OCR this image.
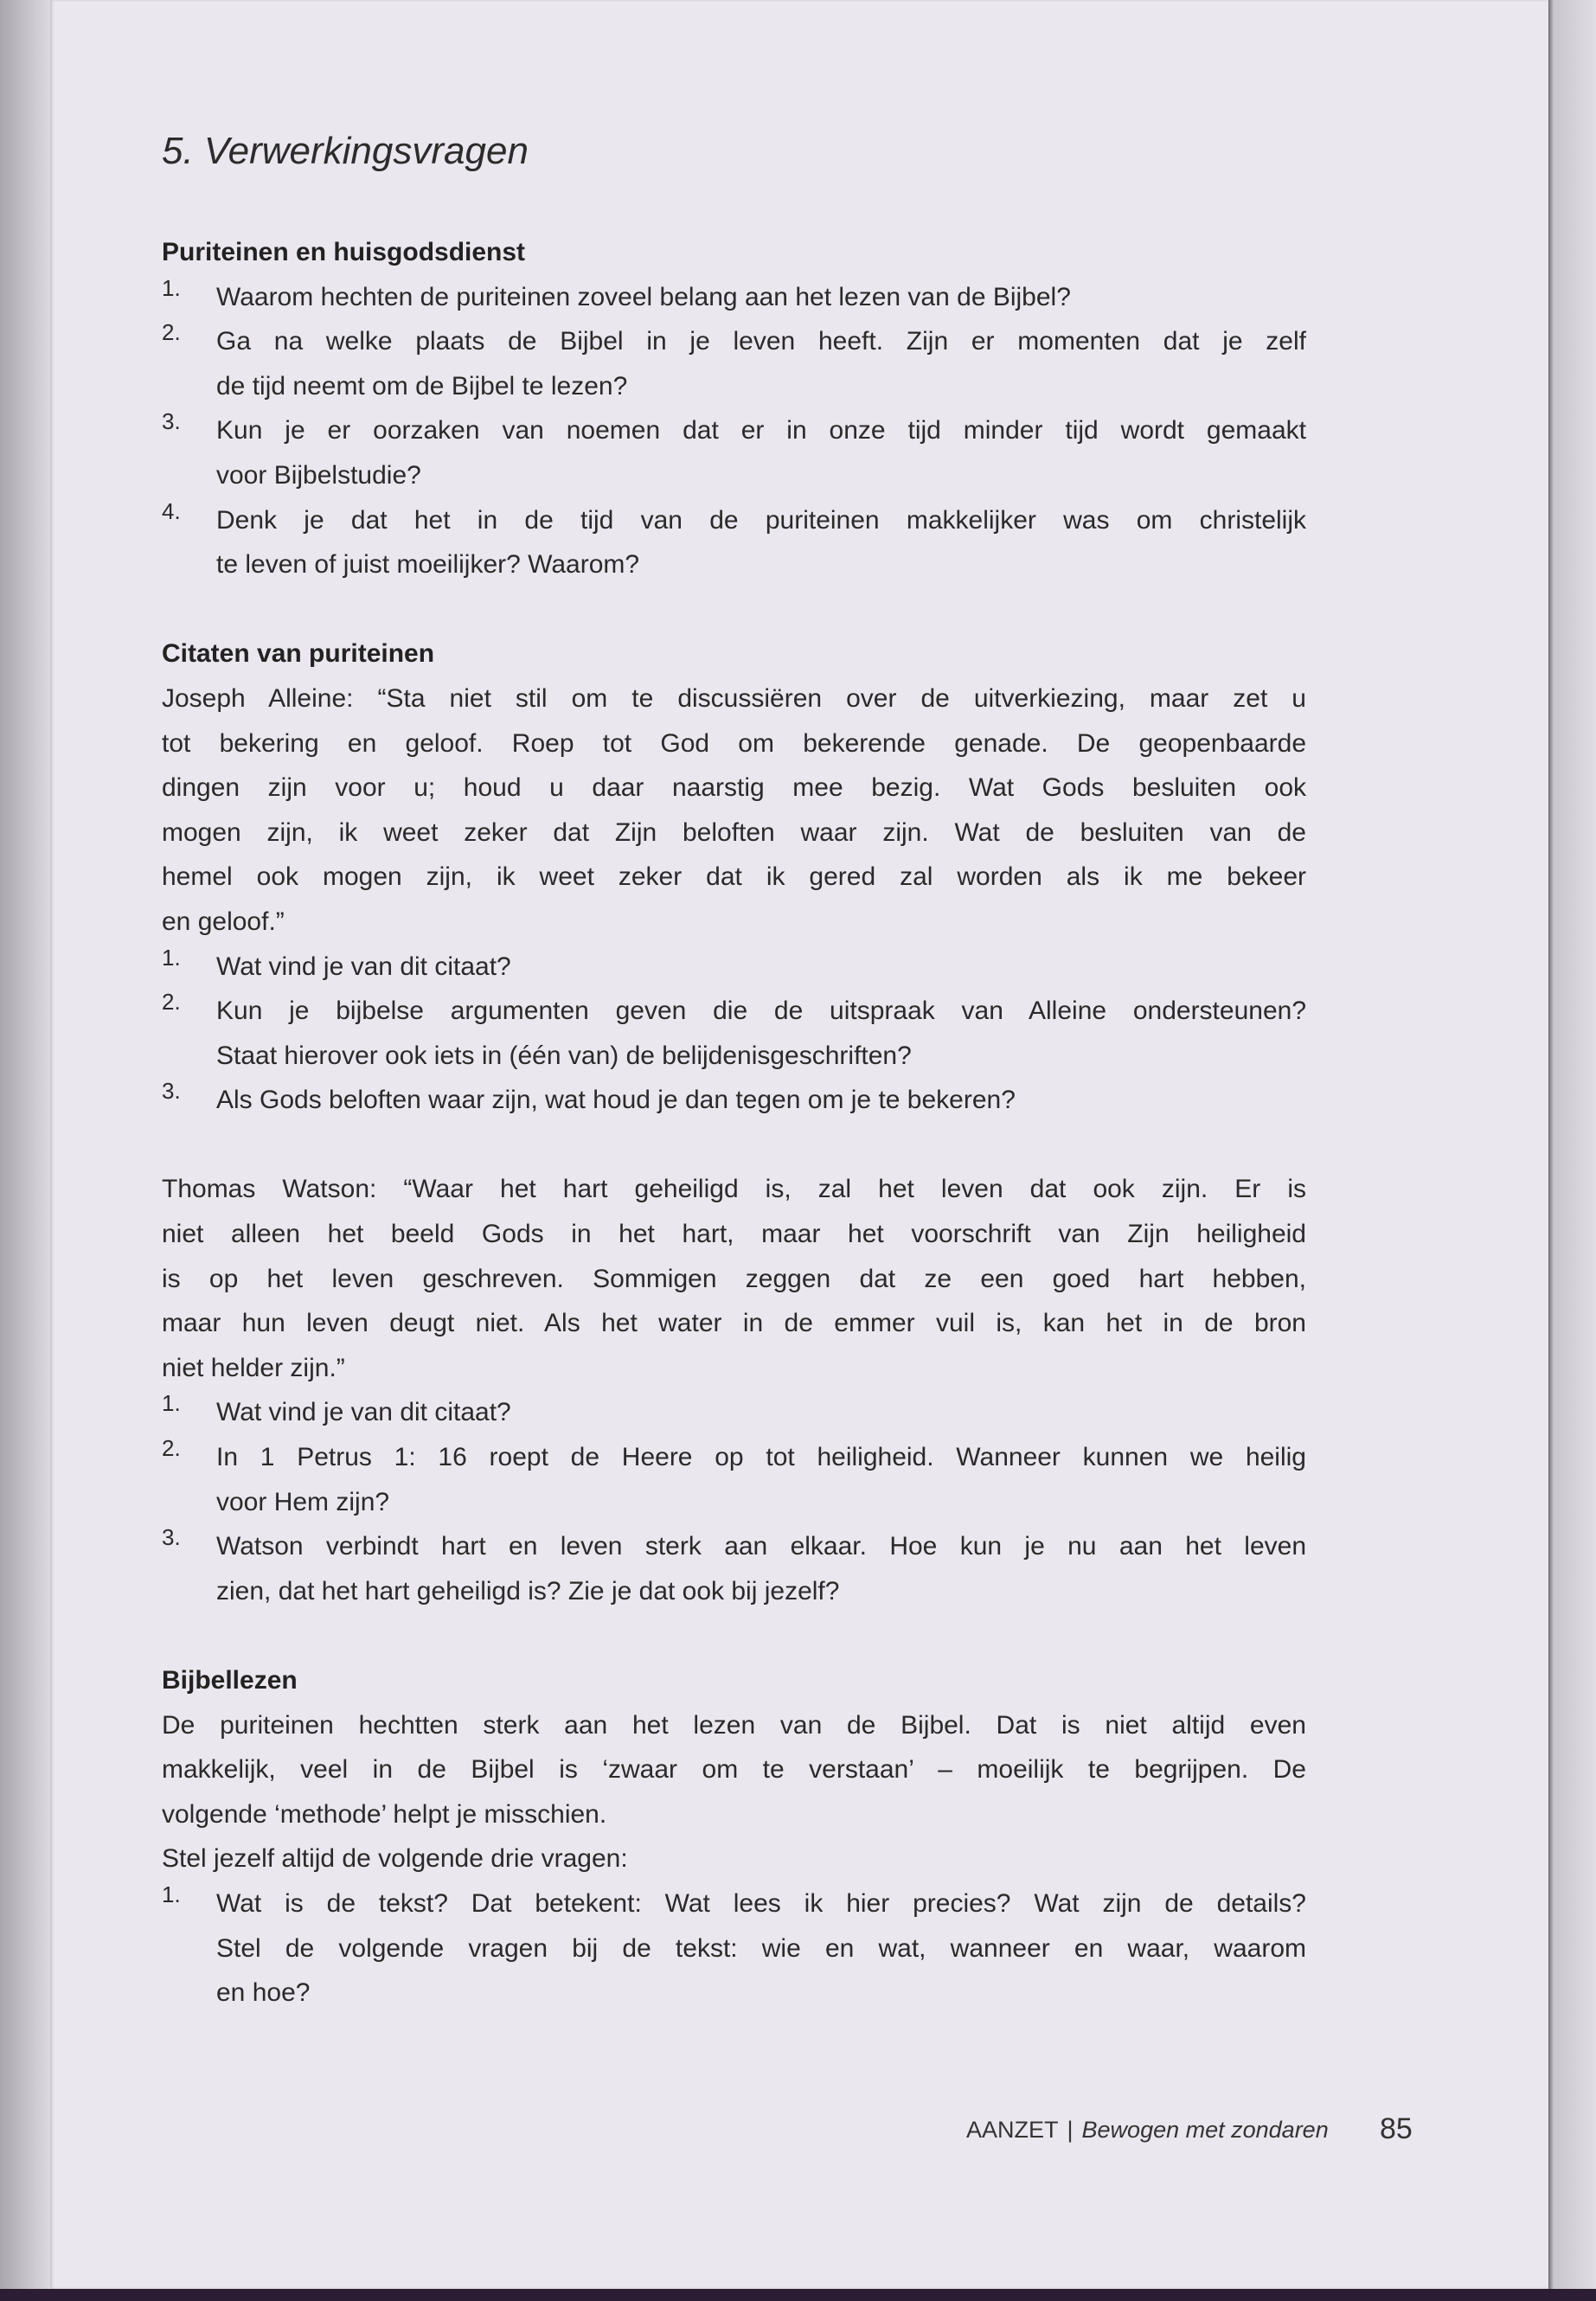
5. Verwerkingsvragen
Puriteinen en huisgodsdienst
1. Waarom hechten de puriteinen zoveel belang aan het lezen van de Bijbel?
2. Ga na welke plaats de Bijbel in je leven heeft. Zijn er momenten dat je zelf
de tijd neemt om de Bijbel te lezen?
3. Kun je er oorzaken van noemen dat er in onze tijd minder tijd wordt gemaakt
voor Bijbelstudie?
4. Denk je dat het in de tijd van de puriteinen makkelijker was om christelijk
te leven of juist moeilijker? Waarom?
Citaten van puriteinen
Joseph Alleine: “Sta niet stil om te discussiëren over de uitverkiezing, maar zet u
tot bekering en geloof. Roep tot God om bekerende genade. De geopenbaarde
dingen zijn voor u; houd u daar naarstig mee bezig. Wat Gods besluiten ook
mogen zijn, ik weet zeker dat Zijn beloften waar zijn. Wat de besluiten van de
hemel ook mogen zijn, ik weet zeker dat ik gered zal worden als ik me bekeer
en geloof.”
1. Wat vind je van dit citaat?
2. Kun je bijbelse argumenten geven die de uitspraak van Alleine ondersteunen?
Staat hierover ook iets in (één van) de belijdenisgeschriften?
3. Als Gods beloften waar zijn, wat houd je dan tegen om je te bekeren?
Thomas Watson: “Waar het hart geheiligd is, zal het leven dat ook zijn. Er is
niet alleen het beeld Gods in het hart, maar het voorschrift van Zijn heiligheid
is op het leven geschreven. Sommigen zeggen dat ze een goed hart hebben,
maar hun leven deugt niet. Als het water in de emmer vuil is, kan het in de bron
niet helder zijn.”
1. Wat vind je van dit citaat?
2. In 1 Petrus 1: 16 roept de Heere op tot heiligheid. Wanneer kunnen we heilig
voor Hem zijn?
3. Watson verbindt hart en leven sterk aan elkaar. Hoe kun je nu aan het leven
zien, dat het hart geheiligd is? Zie je dat ook bij jezelf?
Bijbellezen
De puriteinen hechtten sterk aan het lezen van de Bijbel. Dat is niet altijd even
makkelijk, veel in de Bijbel is ‘zwaar om te verstaan’ – moeilijk te begrijpen. De
volgende ‘methode’ helpt je misschien.
Stel jezelf altijd de volgende drie vragen:
1. Wat is de tekst? Dat betekent: Wat lees ik hier precies? Wat zijn de details?
Stel de volgende vragen bij de tekst: wie en wat, wanneer en waar, waarom
en hoe?
AANZET | Bewogen met zondaren 85
